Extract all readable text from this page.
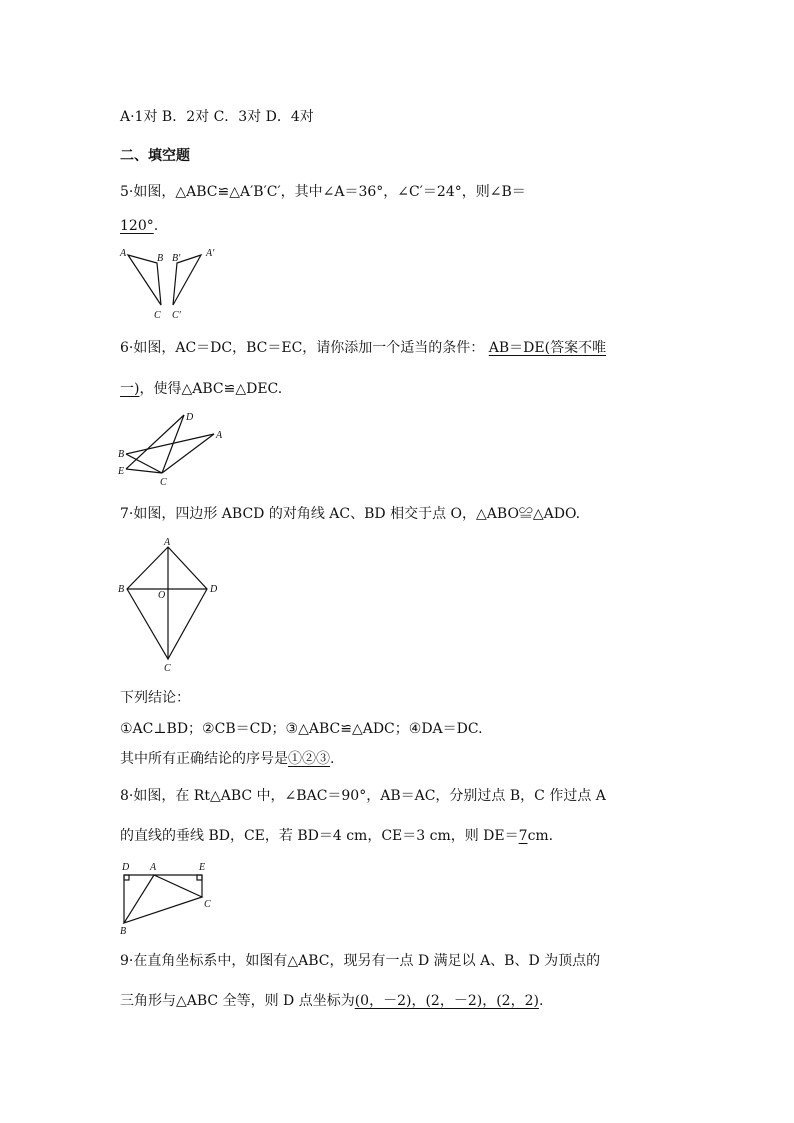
A·1对 B．2对 C．3对 D．4对
二、填空题
5·如图，△ABC≌△A′B′C′，其中∠A＝36°，∠C′＝24°，则∠B＝
120°.
A	B
C
A′
B′
C′
6·如图，AC＝DC，BC＝EC，请你添加一个适当的条件： AB＝DE(答案不唯
一)，使得△ABC≌△DEC.
D
A
B
E
C
7·如图，四边形 ABCD 的对角线 AC、BD 相交于点 O，△ABO≌△ADO.
A
B	D
O
C
下列结论：
①AC⊥BD；②CB＝CD；③△ABC≌△ADC；④DA＝DC.
其中所有正确结论的序号是①②③.
8·如图，在 Rt△ABC 中，∠BAC＝90°，AB＝AC，分别过点 B，C 作过点 A
的直线的垂线 BD，CE，若 BD＝4 cm，CE＝3 cm，则 DE＝7cm.
D A	E
C
B
9·在直角坐标系中，如图有△ABC，现另有一点 D 满足以 A、B、D 为顶点的
三角形与△ABC 全等，则 D 点坐标为(0，－2)，(2，－2)，(2，2).
